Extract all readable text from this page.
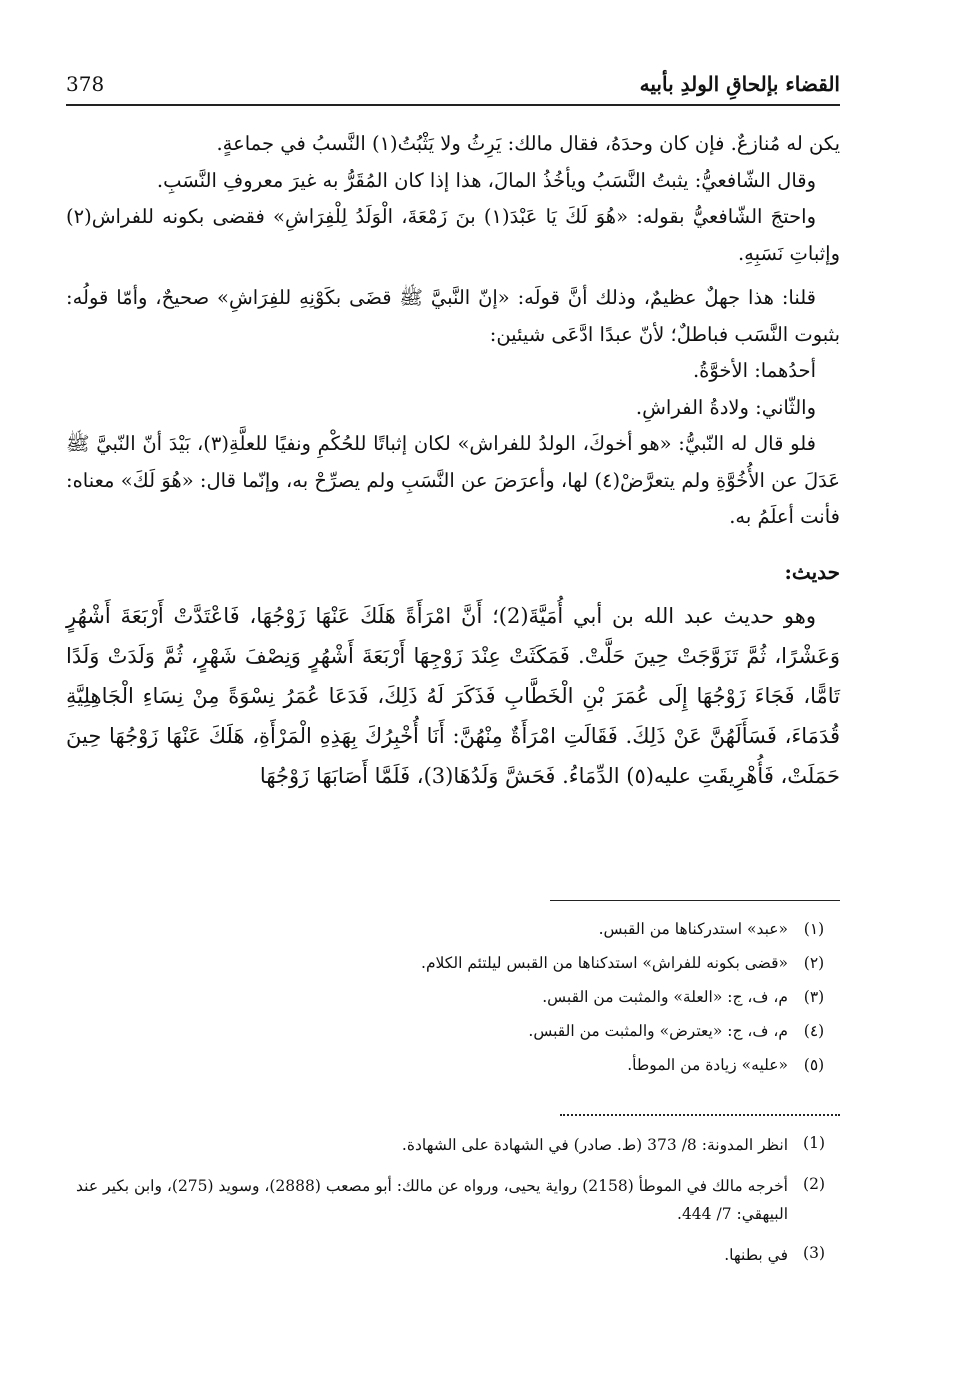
378	القضاء بإلحاقِ الولدِ بأبيه

يكن له مُنازعٌ. فإن كان وحدَهُ، فقال مالك: يَرِثُ ولا يَثْبُتُ(١) النَّسبُ في جماعةٍ.

وقال الشّافعيُّ: يثبتُ النَّسَبُ ويأخُذُ المالَ، هذا إذا كان المُقَرُّ به غيرَ معروفِ النَّسَبِ.

واحتجَ الشّافعيُّ بقوله: «هُوَ لَكَ يَا عَبْدَ(١) بنَ زَمْعَةَ، الْوَلَدُ لِلْفِرَاشِ» فقضى بكونه للفراش(٢) وإثباتِ نَسَبِهِ.

قلنا: هذا جهلٌ عظيمٌ، وذلك أنَّ قولَه: «إنّ النَّبيَّ ﷺ قضَى بكَوْنِهِ للفِرَاشِ» صحيحٌ، وأمّا قولُه: بثبوت النَّسَب فباطلٌ؛ لأنّ عبدًا ادَّعَى شيئين:

أحدُهما: الأخوَّةُ.

والثّاني: ولادةُ الفراشِ.

فلو قال له النّبيُّ: «هو أخوكَ، الولدُ للفراش» لكان إثباتًا للحُكْمِ ونفيًا للعلَّةِ(٣)، بَيْدَ أنّ النّبيَّ ﷺ عَدَلَ عن الأُخُوَّةِ ولم يتعرَّضْ(٤) لها، وأعرَضَ عن النَّسَبِ ولم يصرِّحْ به، وإنّما قال: «هُوَ لَكَ» معناه: فأنت أعلَمُ به.

حديث:

وهو حديث عبد الله بن أبي أُمَيَّةَ(2)؛ أَنَّ امْرَأَةً هَلَكَ عَنْهَا زَوْجُهَا، فَاعْتَدَّتْ أَرْبَعَةَ أَشْهُرٍ وَعَشْرًا، ثُمَّ تَزَوَّجَتْ حِينَ حَلَّتْ. فَمَكَثَتْ عِنْدَ زَوْجِهَا أَرْبَعَةَ أَشْهُرٍ وَنِصْفَ شَهْرٍ، ثُمَّ وَلَدَتْ وَلَدًا تَامًّا، فَجَاءَ زَوْجُهَا إِلَى عُمَرَ بْنِ الْخَطَّابِ فَذَكَرَ لَهُ ذَلِكَ، فَدَعَا عُمَرُ نِسْوَةً مِنْ نِسَاءِ الْجَاهِلِيَّةِ قُدَمَاءَ، فَسَأَلَهُنَّ عَنْ ذَلِكَ. فَقَالَتِ امْرَأَةٌ مِنْهُنَّ: أَنَا أُخْبِرُكَ بِهَذِهِ الْمَرْأَةِ، هَلَكَ عَنْهَا زَوْجُهَا حِينَ حَمَلَتْ، فَأُهْرِيقَتِ عليه(٥) الدِّمَاءُ. فَحَشَّ وَلَدُهَا(3)، فَلَمَّا أَصَابَهَا زَوْجُهَا

(١)
«عبد» استدركناها من القبس.
(٢)
«قضى بكونه للفراش» استدكناها من القبس ليلتئم الكلام.
(٣)
م، ف، ج: «العلة» والمثبت من القبس.
(٤)
م، ف، ج: «يعترض» والمثبت من القبس.
(٥)
«عليه» زيادة من الموطأ.
(1)
انظر المدونة: 8/ 373 (ط. صادر) في الشهادة على الشهادة.
(2)
أخرجه مالك في الموطأ (2158) رواية يحيى، ورواه عن مالك: أبو مصعب (2888)، وسويد (275)، وابن بكير عند البيهقي: 7/ 444.
(3)
في بطنها.
